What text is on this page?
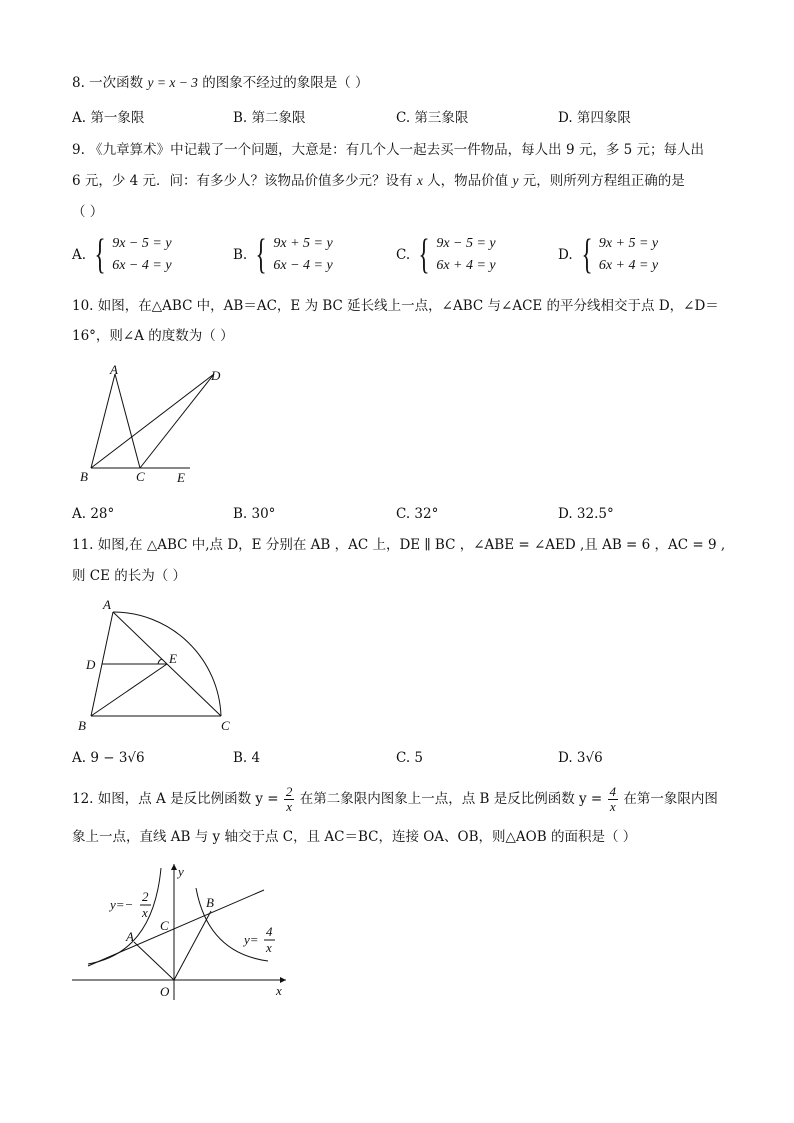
8. 一次函数 y = x − 3 的图象不经过的象限是（ ）
A. 第一象限	B. 第二象限	C. 第三象限	D. 第四象限
9. 《九章算术》中记载了一个问题，大意是：有几个人一起去买一件物品，每人出 9 元，多 5 元；每人出
6 元，少 4 元．问：有多少人？该物品价值多少元？设有 x 人，物品价值 y 元，则所列方程组正确的是
（ ）
A. { 9x − 5 = y
6x − 4 = y
B. { 9x + 5 = y
6x − 4 = y
C. { 9x − 5 = y
6x + 4 = y
D. { 9x + 5 = y
6x + 4 = y
10. 如图，在△ABC 中，AB＝AC，E 为 BC 延长线上一点，∠ABC 与∠ACE 的平分线相交于点 D，∠D＝
16°，则∠A 的度数为（ ）
A
B	C
D
E
A. 28°	B. 30°	C. 32°	D. 32.5°
11. 如图,在 △ABC 中,点 D，E 分别在 AB ，AC 上，DE ∥ BC ，∠ABE = ∠AED ,且 AB = 6 ，AC = 9 ,
则 CE 的长为（ ）
A
D	E
B	C
A. 9 − 3√6	B. 4	C. 5	D. 3√6
12. 如图，点 A 是反比例函数 $y = \frac{2}{x}$ 在第二象限内图象上一点，点 B 是反比例函数 $y = \frac{4}{x}$ 在第一象限内图
象上一点，直线 AB 与 y 轴交于点 C，且 AC＝BC，连接 OA、OB，则△AOB 的面积是（ ）
y
x
O
A
B
C
y=−
2
x
y=
4
x
